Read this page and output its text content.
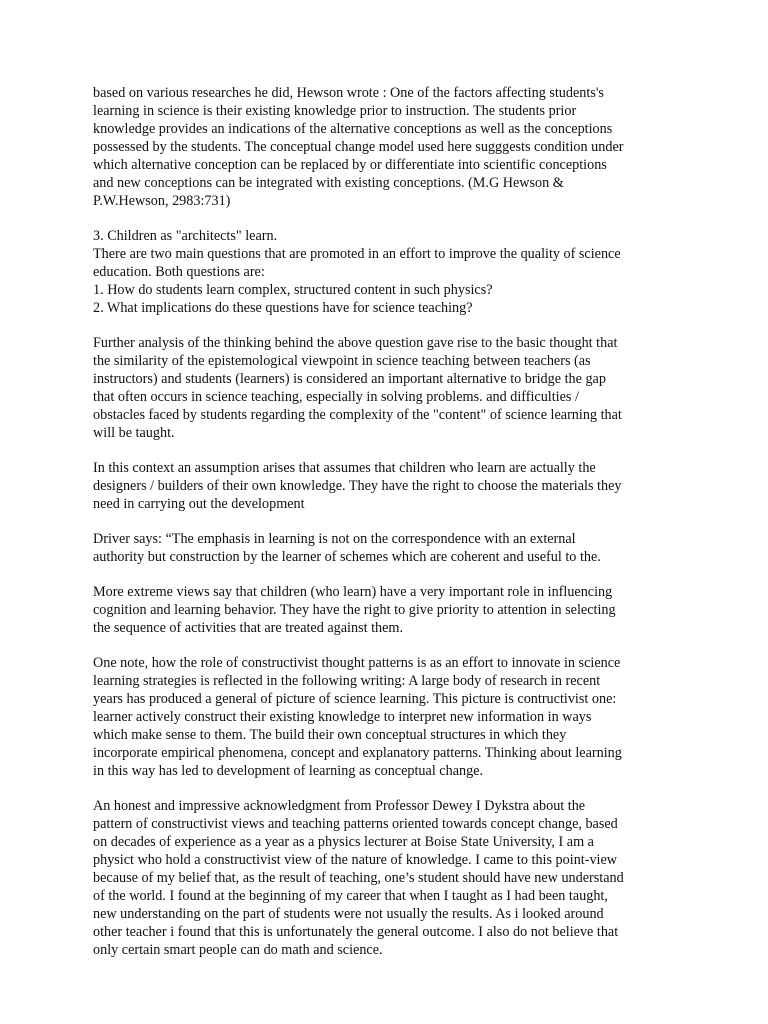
based on various researches he did, Hewson wrote : One of the factors affecting students's
learning in science is their existing knowledge prior to instruction. The students prior
knowledge provides an indications of the alternative conceptions as well as the conceptions
possessed by the students. The conceptual change model used here sugggests condition under
which alternative conception can be replaced by or differentiate into scientific conceptions
and new conceptions can be integrated with existing conceptions. (M.G Hewson &
P.W.Hewson, 2983:731)

3. Children as "architects" learn.
There are two main questions that are promoted in an effort to improve the quality of science
education. Both questions are:
1. How do students learn complex, structured content in such physics?
2. What implications do these questions have for science teaching?

Further analysis of the thinking behind the above question gave rise to the basic thought that
the similarity of the epistemological viewpoint in science teaching between teachers (as
instructors) and students (learners) is considered an important alternative to bridge the gap
that often occurs in science teaching, especially in solving problems. and difficulties /
obstacles faced by students regarding the complexity of the "content" of science learning that
will be taught.

In this context an assumption arises that assumes that children who learn are actually the
designers / builders of their own knowledge. They have the right to choose the materials they
need in carrying out the development

Driver says: “The emphasis in learning is not on the correspondence with an external
authority but construction by the learner of schemes which are coherent and useful to the.

More extreme views say that children (who learn) have a very important role in influencing
cognition and learning behavior. They have the right to give priority to attention in selecting
the sequence of activities that are treated against them.

One note, how the role of constructivist thought patterns is as an effort to innovate in science
learning strategies is reflected in the following writing: A large body of research in recent
years has produced a general of picture of science learning. This picture is contructivist one:
learner actively construct their existing knowledge to interpret new information in ways
which make sense to them. The build their own conceptual structures in which they
incorporate empirical phenomena, concept and explanatory patterns. Thinking about learning
in this way has led to development of learning as conceptual change.

An honest and impressive acknowledgment from Professor Dewey I Dykstra about the
pattern of constructivist views and teaching patterns oriented towards concept change, based
on decades of experience as a year as a physics lecturer at Boise State University, I am a
physict who hold a constructivist view of the nature of knowledge. I came to this point-view
because of my belief that, as the result of teaching, one’s student should have new understand
of the world. I found at the beginning of my career that when I taught as I had been taught,
new understanding on the part of students were not usually the results. As i looked around
other teacher i found that this is unfortunately the general outcome. I also do not believe that
only certain smart people can do math and science.
